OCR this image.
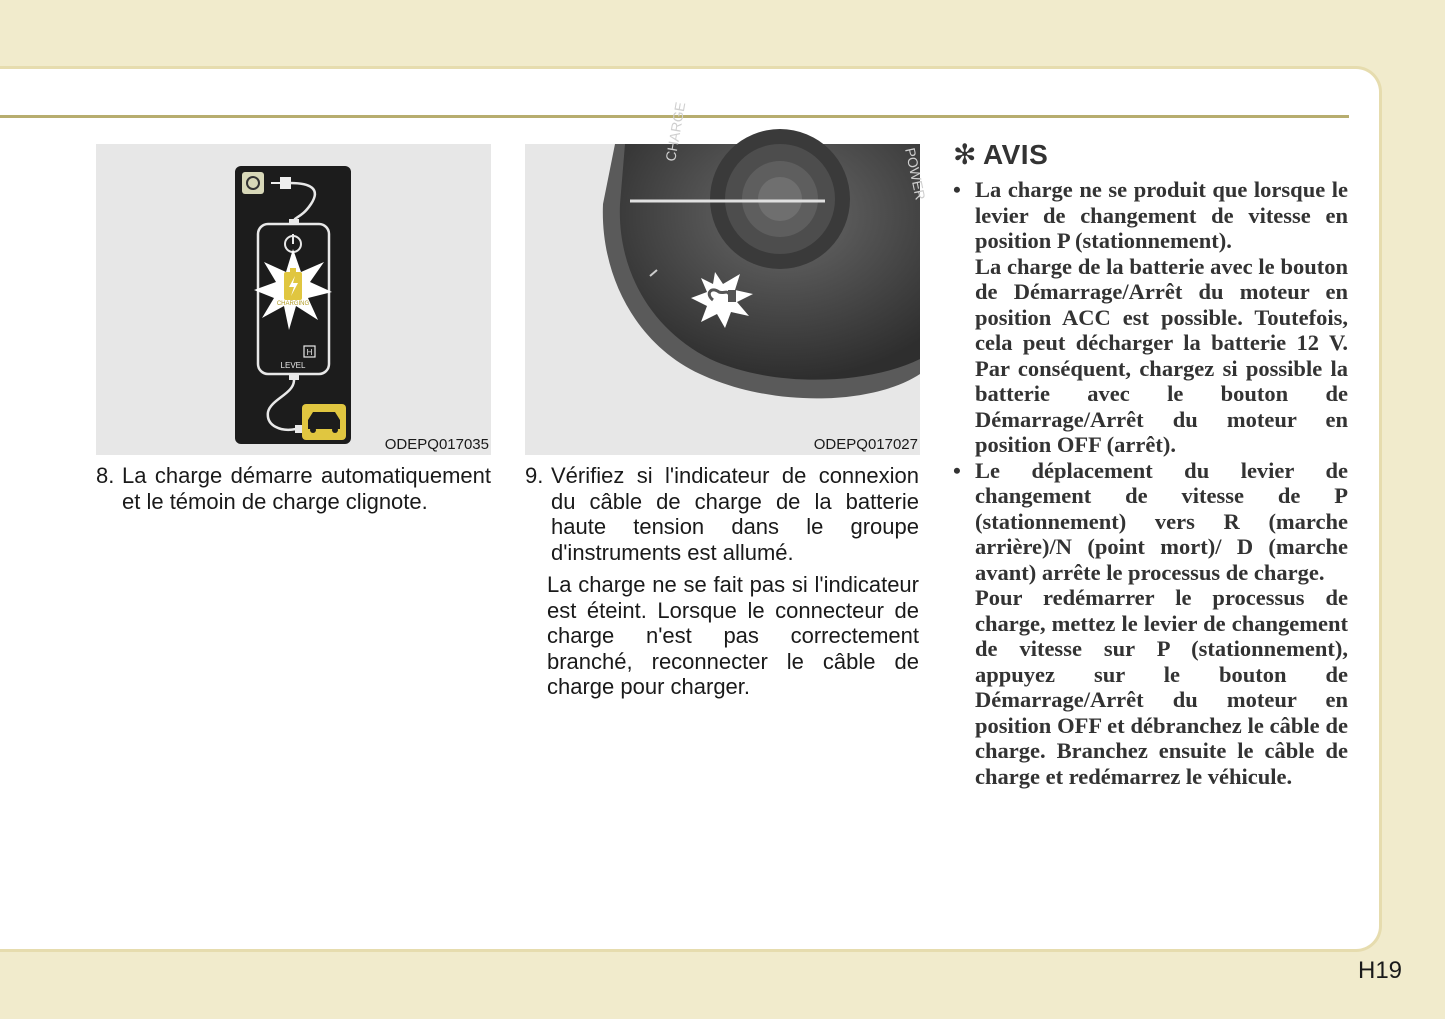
CHARGING
H
LEVEL
ODEPQ017035
CHARGE
POWER
ODEPQ017027
8. La charge démarre automatiquement et le témoin de charge clignote.
9. Vérifiez si l'indicateur de connexion du câble de charge de la batterie haute tension dans le groupe d'instruments est allumé.
La charge ne se fait pas si l'indicateur est éteint. Lorsque le connecteur de charge n'est pas correctement branché, reconnecter le câble de charge pour charger.
✻ AVIS
• La charge ne se produit que lorsque le levier de changement de vitesse en position P (stationnement).

La charge de la batterie avec le bouton de Démarrage/Arrêt du moteur en position ACC est possible. Toutefois, cela peut décharger la batterie 12 V. Par conséquent, chargez si possible la batterie avec le bouton de Démarrage/Arrêt du moteur en position OFF (arrêt).

• Le déplacement du levier de changement de vitesse de P (stationnement) vers R (marche arrière)/N (point mort)/ D (marche avant) arrête le processus de charge.

Pour redémarrer le processus de charge, mettez le levier de changement de vitesse sur P (stationnement), appuyez sur le bouton de Démarrage/Arrêt du moteur en position OFF et débranchez le câble de charge. Branchez ensuite le câble de charge et redémarrez le véhicule.

H19
